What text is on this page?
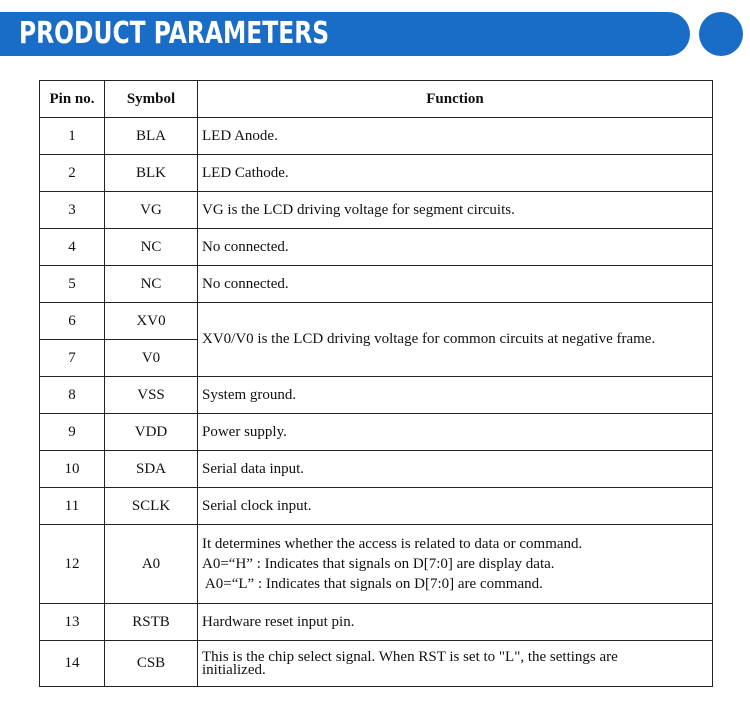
PRODUCT PARAMETERS
Pin no.	Symbol	Function
1	BLA	LED Anode.
2	BLK	LED Cathode.
3	VG	VG is the LCD driving voltage for segment circuits.
4	NC	No connected.
5	NC	No connected.
6	XV0	XV0/V0 is the LCD driving voltage for common circuits at negative frame.
7	V0	
8	VSS	System ground.
9	VDD	Power supply.
10	SDA	Serial data input.
11	SCLK	Serial clock input.
12	A0	It determines whether the access is related to data or command.
A0=“H” : Indicates that signals on D[7:0] are display data.
A0=“L” : Indicates that signals on D[7:0] are command.

13	RSTB	Hardware reset input pin.
14	CSB	This is the chip select signal. When RST is set to "L", the settings are
initialized.
